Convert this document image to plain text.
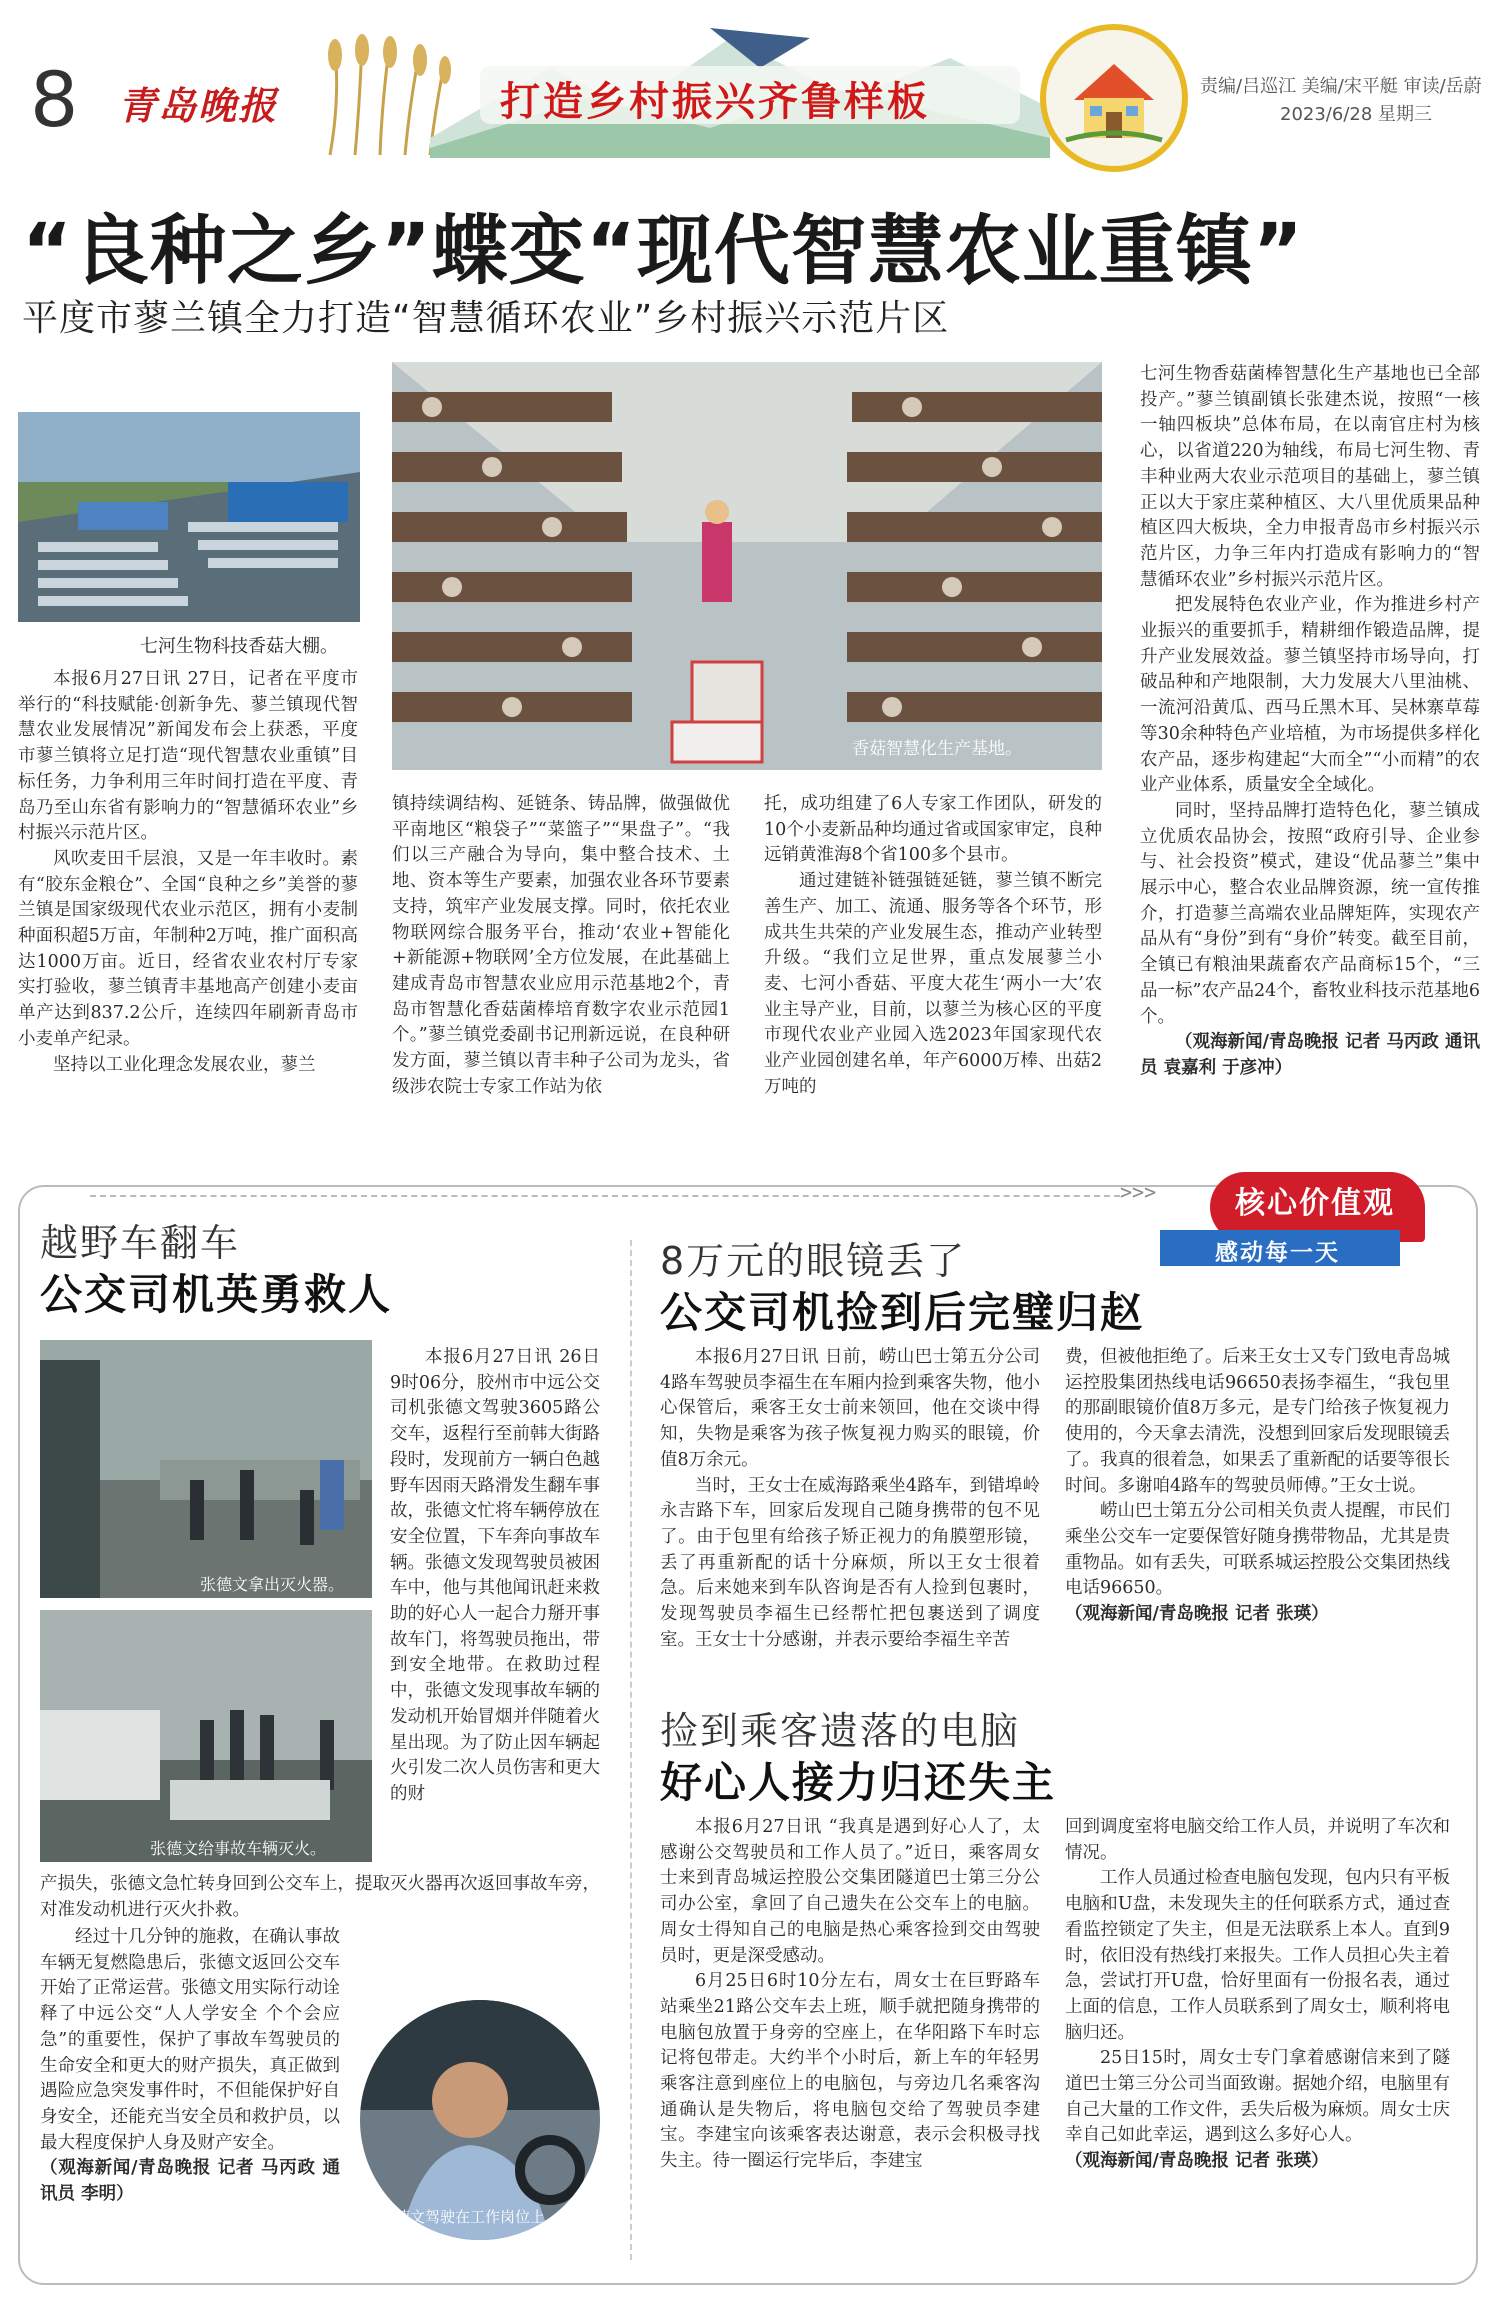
8 青岛晚报	打造乡村振兴齐鲁样板	责编/吕巡江 美编/宋平艇 审读/岳蔚
2023/6/28 星期三
“良种之乡”蝶变“现代智慧农业重镇”
平度市蓼兰镇全力打造“智慧循环农业”乡村振兴示范片区
七河生物科技香菇大棚。
香菇智慧化生产基地。

本报6月27日讯 27日，记者在平度市举行的“科技赋能·创新争先、蓼兰镇现代智慧农业发展情况”新闻发布会上获悉，平度市蓼兰镇将立足打造“现代智慧农业重镇”目标任务，力争利用三年时间打造在平度、青岛乃至山东省有影响力的“智慧循环农业”乡村振兴示范片区。

风吹麦田千层浪，又是一年丰收时。素有“胶东金粮仓”、全国“良种之乡”美誉的蓼兰镇是国家级现代农业示范区，拥有小麦制种面积超5万亩，年制种2万吨，推广面积高达1000万亩。近日，经省农业农村厅专家实打验收，蓼兰镇青丰基地高产创建小麦亩单产达到837.2公斤，连续四年刷新青岛市小麦单产纪录。

坚持以工业化理念发展农业，蓼兰

镇持续调结构、延链条、铸品牌，做强做优平南地区“粮袋子”“菜篮子”“果盘子”。“我们以三产融合为导向，集中整合技术、土地、资本等生产要素，加强农业各环节要素支持，筑牢产业发展支撑。同时，依托农业物联网综合服务平台，推动‘农业+智能化+新能源+物联网’全方位发展，在此基础上建成青岛市智慧农业应用示范基地2个，青岛市智慧化香菇菌棒培育数字农业示范园1个。”蓼兰镇党委副书记刑新远说，在良种研发方面，蓼兰镇以青丰种子公司为龙头，省级涉农院士专家工作站为依

托，成功组建了6人专家工作团队，研发的10个小麦新品种均通过省或国家审定，良种远销黄淮海8个省100多个县市。

通过建链补链强链延链，蓼兰镇不断完善生产、加工、流通、服务等各个环节，形成共生共荣的产业发展生态，推动产业转型升级。“我们立足世界，重点发展蓼兰小麦、七河小香菇、平度大花生‘两小一大’农业主导产业，目前，以蓼兰为核心区的平度市现代农业产业园入选2023年国家现代农业产业园创建名单，年产6000万棒、出菇2万吨的

七河生物香菇菌棒智慧化生产基地也已全部投产。”蓼兰镇副镇长张建杰说，按照“一核一轴四板块”总体布局，在以南官庄村为核心，以省道220为轴线，布局七河生物、青丰种业两大农业示范项目的基础上，蓼兰镇正以大于家庄菜种植区、大八里优质果品种植区四大板块，全力申报青岛市乡村振兴示范片区，力争三年内打造成有影响力的“智慧循环农业”乡村振兴示范片区。

把发展特色农业产业，作为推进乡村产业振兴的重要抓手，精耕细作锻造品牌，提升产业发展效益。蓼兰镇坚持市场导向，打破品种和产地限制，大力发展大八里油桃、一流河沿黄瓜、西马丘黑木耳、吴林寨草莓等30余种特色产业培植，为市场提供多样化农产品，逐步构建起“大而全”“小而精”的农业产业体系，质量安全全域化。

同时，坚持品牌打造特色化，蓼兰镇成立优质农品协会，按照“政府引导、企业参与、社会投资”模式，建设“优品蓼兰”集中展示中心，整合农业品牌资源，统一宣传推介，打造蓼兰高端农业品牌矩阵，实现农产品从有“身份”到有“身价”转变。截至目前，全镇已有粮油果蔬畜农产品商标15个，“三品一标”农产品24个，畜牧业科技示范基地6个。

（观海新闻/青岛晚报 记者 马丙政 通讯员 袁嘉利 于彦冲）

>>>	核心价值观
感动每一天
越野车翻车
公交司机英勇救人
张德文拿出灭火器。
张德文给事故车辆灭火。

本报6月27日讯 26日9时06分，胶州市中远公交司机张德文驾驶3605路公交车，返程行至前韩大街路段时，发现前方一辆白色越野车因雨天路滑发生翻车事故，张德文忙将车辆停放在安全位置，下车奔向事故车辆。张德文发现驾驶员被困车中，他与其他闻讯赶来救助的好心人一起合力掰开事故车门，将驾驶员拖出，带到安全地带。在救助过程中，张德文发现事故车辆的发动机开始冒烟并伴随着火星出现。为了防止因车辆起火引发二次人员伤害和更大的财

产损失，张德文急忙转身回到公交车上，提取灭火器再次返回事故车旁，对准发动机进行灭火扑救。

经过十几分钟的施救，在确认事故车辆无复燃隐患后，张德文返回公交车开始了正常运营。张德文用实际行动诠释了中远公交“人人学安全 个个会应急”的重要性，保护了事故车驾驶员的生命安全和更大的财产损失，真正做到遇险应急突发事件时，不但能保护好自身安全，还能充当安全员和救护员，以最大程度保护人身及财产安全。

（观海新闻/青岛晚报 记者 马丙政 通讯员 李明）

张德文驾驶在工作岗位上。
8万元的眼镜丢了
公交司机捡到后完璧归赵

本报6月27日讯 日前，崂山巴士第五分公司4路车驾驶员李福生在车厢内捡到乘客失物，他小心保管后，乘客王女士前来领回，他在交谈中得知，失物是乘客为孩子恢复视力购买的眼镜，价值8万余元。

当时，王女士在威海路乘坐4路车，到错埠岭永吉路下车，回家后发现自己随身携带的包不见了。由于包里有给孩子矫正视力的角膜塑形镜，丢了再重新配的话十分麻烦，所以王女士很着急。后来她来到车队咨询是否有人捡到包裹时，发现驾驶员李福生已经帮忙把包裹送到了调度室。王女士十分感谢，并表示要给李福生辛苦

费，但被他拒绝了。后来王女士又专门致电青岛城运控股集团热线电话96650表扬李福生，“我包里的那副眼镜价值8万多元，是专门给孩子恢复视力使用的，今天拿去清洗，没想到回家后发现眼镜丢了。我真的很着急，如果丢了重新配的话要等很长时间。多谢咱4路车的驾驶员师傅。”王女士说。

崂山巴士第五分公司相关负责人提醒，市民们乘坐公交车一定要保管好随身携带物品，尤其是贵重物品。如有丢失，可联系城运控股公交集团热线电话96650。

（观海新闻/青岛晚报 记者 张瑛）

捡到乘客遗落的电脑
好心人接力归还失主

本报6月27日讯 “我真是遇到好心人了，太感谢公交驾驶员和工作人员了。”近日，乘客周女士来到青岛城运控股公交集团隧道巴士第三分公司办公室，拿回了自己遗失在公交车上的电脑。周女士得知自己的电脑是热心乘客捡到交由驾驶员时，更是深受感动。

6月25日6时10分左右，周女士在巨野路车站乘坐21路公交车去上班，顺手就把随身携带的电脑包放置于身旁的空座上，在华阳路下车时忘记将包带走。大约半个小时后，新上车的年轻男乘客注意到座位上的电脑包，与旁边几名乘客沟通确认是失物后，将电脑包交给了驾驶员李建宝。李建宝向该乘客表达谢意，表示会积极寻找失主。待一圈运行完毕后，李建宝

回到调度室将电脑交给工作人员，并说明了车次和情况。

工作人员通过检查电脑包发现，包内只有平板电脑和U盘，未发现失主的任何联系方式，通过查看监控锁定了失主，但是无法联系上本人。直到9时，依旧没有热线打来报失。工作人员担心失主着急，尝试打开U盘，恰好里面有一份报名表，通过上面的信息，工作人员联系到了周女士，顺利将电脑归还。

25日15时，周女士专门拿着感谢信来到了隧道巴士第三分公司当面致谢。据她介绍，电脑里有自己大量的工作文件，丢失后极为麻烦。周女士庆幸自己如此幸运，遇到这么多好心人。

（观海新闻/青岛晚报 记者 张瑛）
